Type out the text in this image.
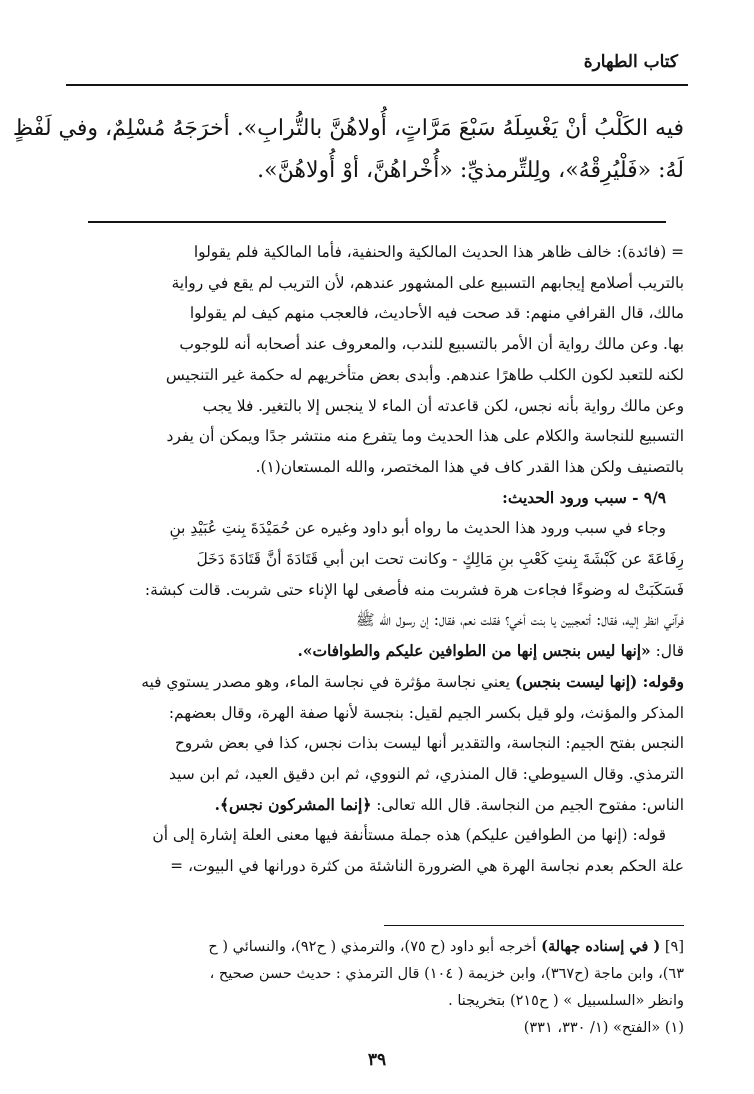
كتاب الطهارة
فيه الكَلْبُ أنْ يَغْسِلَهُ سَبْعَ مَرَّاتٍ، أُولاهُنَّ بالتُّرابِ». أخرَجَهُ مُسْلِمٌ، وفي لَفْظٍ
لَهُ: «فَلْيُرِقْهُ»، ولِلتِّرمذيِّ: «أُخْراهُنَّ، أوْ أُولاهُنَّ».
= (فائدة): خالف ظاهر هذا الحديث المالكية والحنفية، فأما المالكية فلم يقولوا
بالتريب أصلامع إيجابهم التسبيع على المشهور عندهم، لأن التريب لم يقع في رواية
مالك، قال القرافي منهم: قد صحت فيه الأحاديث، فالعجب منهم كيف لم يقولوا
بها. وعن مالك رواية أن الأمر بالتسبيع للندب، والمعروف عند أصحابه أنه للوجوب
لكنه للتعبد لكون الكلب طاهرًا عندهم. وأبدى بعض متأخريهم له حكمة غير التنجيس
وعن مالك رواية بأنه نجس، لكن قاعدته أن الماء لا ينجس إلا بالتغير. فلا يجب
التسبيع للنجاسة والكلام على هذا الحديث وما يتفرع منه منتشر جدًا ويمكن أن يفرد
بالتصنيف ولكن هذا القدر كاف في هذا المختصر، والله المستعان(١).
٩/٩ - سبب ورود الحديث:
وجاء في سبب ورود هذا الحديث ما رواه أبو داود وغيره عن حُمَيْدَةَ بِنتِ عُبَيْدِ بنِ
رِفَاعَةَ عن كَبْشَةَ بِنتِ كَعْبِ بنِ مَالِكٍ - وكانت تحت ابن أبي قَتَادَةَ أنَّ قَتَادَةَ دَخَلَ
فَسَكَبَتْ له وضوءًا فجاءت هرة فشربت منه فأصغى لها الإناء حتى شربت. قالت كبشة:
فرآني انظر إليه، فقال: أتعجبين يا بنت أخي؟ فقلت نعم، فقال: إن رسول الله ﷺ
قال: «إنها ليس بنجس إنها من الطوافين عليكم والطوافات».
وقوله: (إنها ليست بنجس) يعني نجاسة مؤثرة في نجاسة الماء، وهو مصدر يستوي فيه
المذكر والمؤنث، ولو قيل بكسر الجيم لقيل: بنجسة لأنها صفة الهرة، وقال بعضهم:
النجس بفتح الجيم: النجاسة، والتقدير أنها ليست بذات نجس، كذا في بعض شروح
الترمذي. وقال السيوطي: قال المنذري، ثم النووي، ثم ابن دقيق العيد، ثم ابن سيد
الناس: مفتوح الجيم من النجاسة. قال الله تعالى: ﴿إنما المشركون نجس﴾.
قوله: (إنها من الطوافين عليكم) هذه جملة مستأنفة فيها معنى العلة إشارة إلى أن
علة الحكم بعدم نجاسة الهرة هي الضرورة الناشئة من كثرة دورانها في البيوت، =
[٩] ( في إسناده جهالة) أخرجه أبو داود (ح ٧٥)، والترمذي ( ح٩٢)، والنسائي ( ح
٦٣)، وابن ماجة (ح٣٦٧)، وابن خزيمة ( ١٠٤) قال الترمذي : حديث حسن صحيح ،
وانظر «السلسبيل » ( ح٢١٥) بتخريجنا .
(١) «الفتح» (١/ ٣٣٠، ٣٣١)
٣٩
